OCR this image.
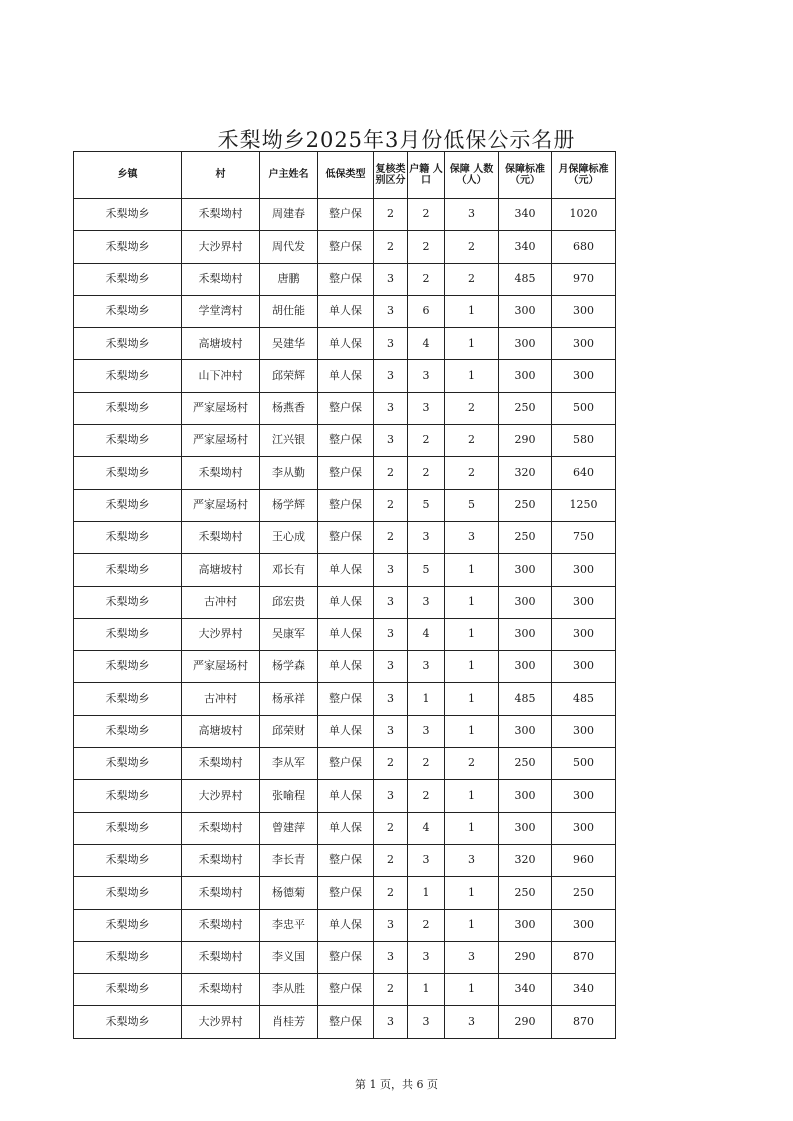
禾梨坳乡2025年3月份低保公示名册
乡镇	村	户主姓名	低保类型	复核类别区分	户籍 人口	保障 人数（人）	保障标准（元）	月保障标准（元）
禾梨坳乡	禾梨坳村	周建春	整户保	2	2	3	340	1020
禾梨坳乡	大沙界村	周代发	整户保	2	2	2	340	680
禾梨坳乡	禾梨坳村	唐鹏	整户保	3	2	2	485	970
禾梨坳乡	学堂湾村	胡仕能	单人保	3	6	1	300	300
禾梨坳乡	高塘坡村	吴建华	单人保	3	4	1	300	300
禾梨坳乡	山下冲村	邱荣辉	单人保	3	3	1	300	300
禾梨坳乡	严家屋场村	杨燕香	整户保	3	3	2	250	500
禾梨坳乡	严家屋场村	江兴银	整户保	3	2	2	290	580
禾梨坳乡	禾梨坳村	李从勤	整户保	2	2	2	320	640
禾梨坳乡	严家屋场村	杨学辉	整户保	2	5	5	250	1250
禾梨坳乡	禾梨坳村	王心成	整户保	2	3	3	250	750
禾梨坳乡	高塘坡村	邓长有	单人保	3	5	1	300	300
禾梨坳乡	古冲村	邱宏贵	单人保	3	3	1	300	300
禾梨坳乡	大沙界村	吴康军	单人保	3	4	1	300	300
禾梨坳乡	严家屋场村	杨学森	单人保	3	3	1	300	300
禾梨坳乡	古冲村	杨承祥	整户保	3	1	1	485	485
禾梨坳乡	高塘坡村	邱荣财	单人保	3	3	1	300	300
禾梨坳乡	禾梨坳村	李从军	整户保	2	2	2	250	500
禾梨坳乡	大沙界村	张喻程	单人保	3	2	1	300	300
禾梨坳乡	禾梨坳村	曾建萍	单人保	2	4	1	300	300
禾梨坳乡	禾梨坳村	李长青	整户保	2	3	3	320	960
禾梨坳乡	禾梨坳村	杨德菊	整户保	2	1	1	250	250
禾梨坳乡	禾梨坳村	李忠平	单人保	3	2	1	300	300
禾梨坳乡	禾梨坳村	李义国	整户保	3	3	3	290	870
禾梨坳乡	禾梨坳村	李从胜	整户保	2	1	1	340	340
禾梨坳乡	大沙界村	肖桂芳	整户保	3	3	3	290	870
第 1 页，共 6 页
